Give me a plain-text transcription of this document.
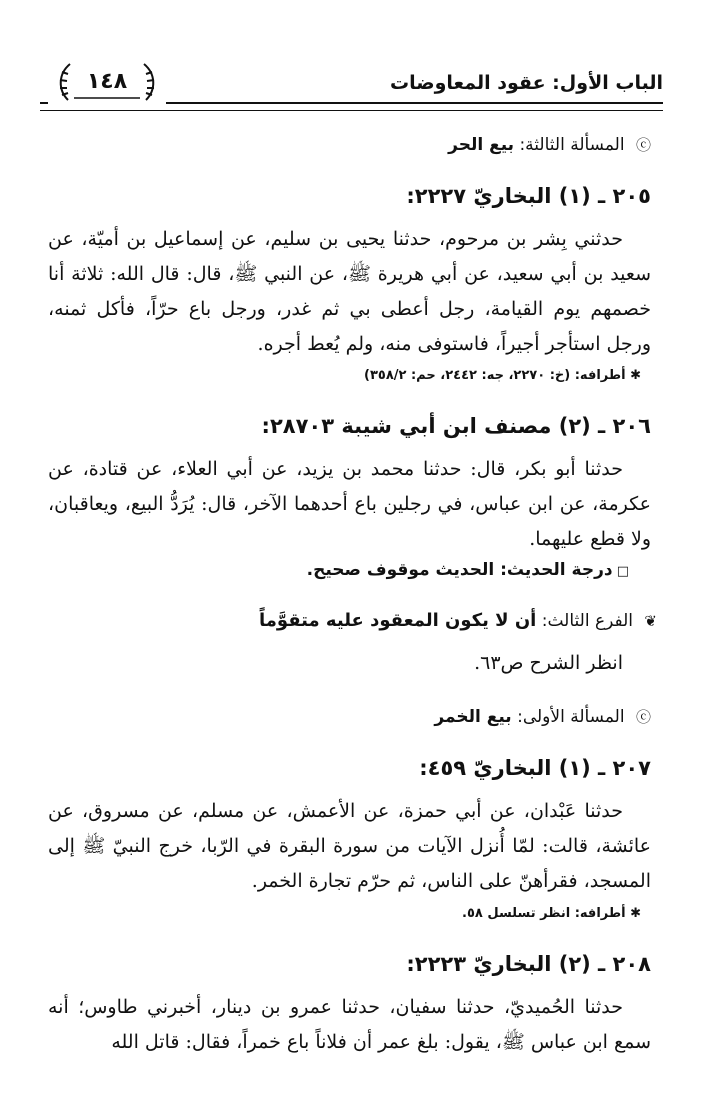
الباب الأول: عقود المعاوضات
١٤٨
ⓒ المسألة الثالثة: بيع الحر
٢٠٥ ـ (١) البخاريّ ٢٢٢٧:
حدثني بِشر بن مرحوم، حدثنا يحيى بن سليم، عن إسماعيل بن أميّة، عن سعيد بن أبي سعيد، عن أبي هريرة ﷺ، عن النبي ﷺ، قال: قال الله: ثلاثة أنا خصمهم يوم القيامة، رجل أعطى بي ثم غدر، ورجل باع حرّاً، فأكل ثمنه، ورجل استأجر أجيراً، فاستوفى منه، ولم يُعط أجره.
✱ أطرافه: (خ: ٢٢٧٠، جه: ٢٤٤٢، حم: ٣٥٨/٢)
٢٠٦ ـ (٢) مصنف ابن أبي شيبة ٢٨٧٠٣:
حدثنا أبو بكر، قال: حدثنا محمد بن يزيد، عن أبي العلاء، عن قتادة، عن عكرمة، عن ابن عباس، في رجلين باع أحدهما الآخر، قال: يُرَدُّ البيع، ويعاقبان، ولا قطع عليهما.
□ درجة الحديث: الحديث موقوف صحيح.
❦ الفرع الثالث: أن لا يكون المعقود عليه متقوَّماً
انظر الشرح ص٦٣.
ⓒ المسألة الأولى: بيع الخمر
٢٠٧ ـ (١) البخاريّ ٤٥٩:
حدثنا عَبْدان، عن أبي حمزة، عن الأعمش، عن مسلم، عن مسروق، عن عائشة، قالت: لمّا أُنزل الآيات من سورة البقرة في الرّبا، خرج النبيّ ﷺ إلى المسجد، فقرأهنّ على الناس، ثم حرّم تجارة الخمر.
✱ أطرافه: انظر تسلسل ٥٨.
٢٠٨ ـ (٢) البخاريّ ٢٢٢٣:
حدثنا الحُميديّ، حدثنا سفيان، حدثنا عمرو بن دينار، أخبرني طاوس؛ أنه سمع ابن عباس ﷺ، يقول: بلغ عمر أن فلاناً باع خمراً، فقال: قاتل الله
